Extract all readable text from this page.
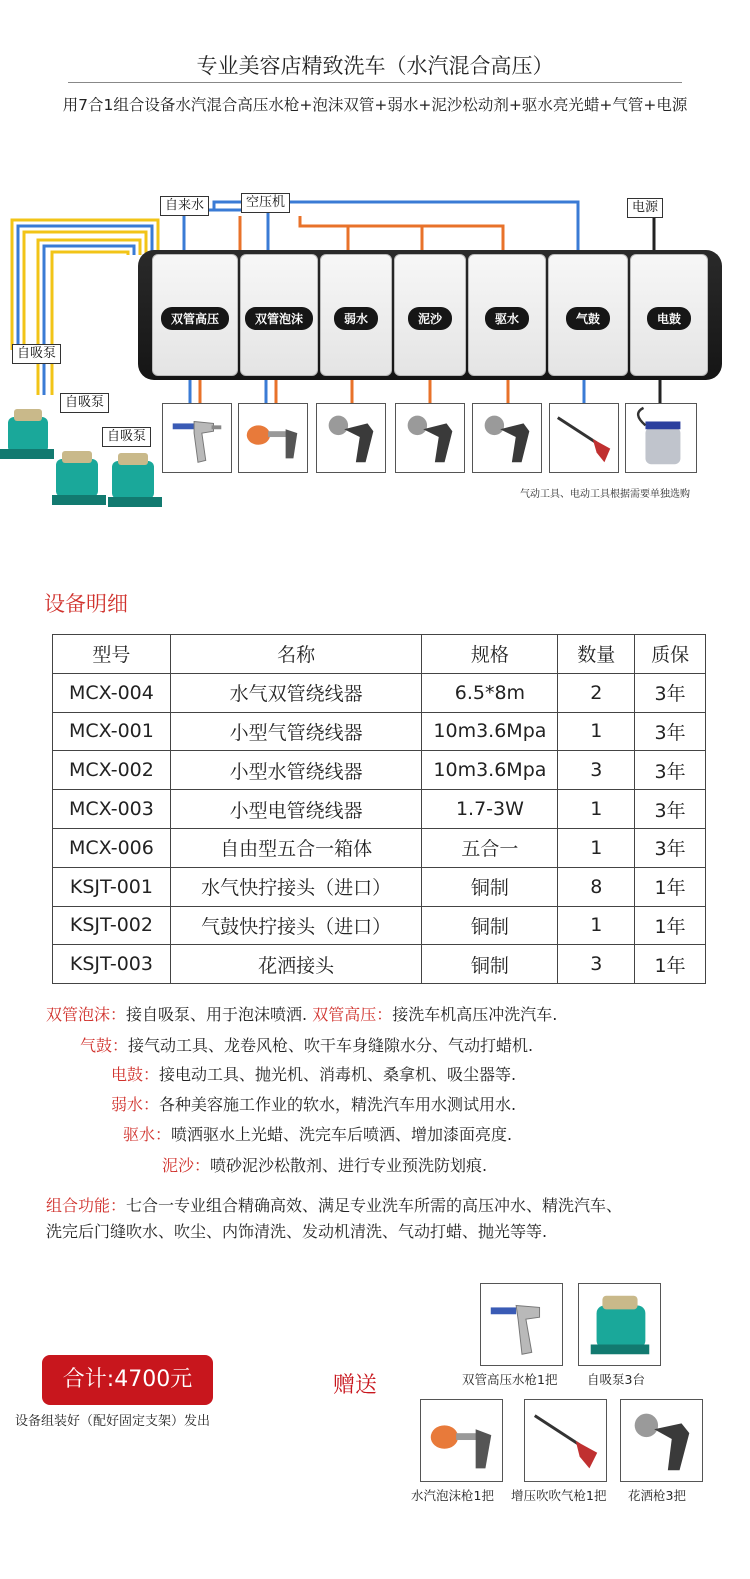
专业美容店精致洗车（水汽混合高压）
用7合1组合设备水汽混合高压水枪+泡沫双管+弱水+泥沙松动剂+驱水亮光蜡+气管+电源
自来水	空压机	电源
自吸泵
自吸泵
自吸泵
双管高压	双管泡沫	弱水	泥沙	驱水	气鼓	电鼓
气动工具、电动工具根据需要单独选购
设备明细
型号	名称	规格	数量	质保
MCX-004	水气双管绕线器	6.5*8m	2	3年
MCX-001	小型气管绕线器	10m3.6Mpa	1	3年
MCX-002	小型水管绕线器	10m3.6Mpa	3	3年
MCX-003	小型电管绕线器	1.7-3W	1	3年
MCX-006	自由型五合一箱体	五合一	1	3年
KSJT-001	水气快拧接头（进口）	铜制	8	1年
KSJT-002	气鼓快拧接头（进口）	铜制	1	1年
KSJT-003	花洒接头	铜制	3	1年
双管泡沫：接自吸泵、用于泡沫喷洒. 双管高压：接洗车机高压冲洗汽车.
气鼓：接气动工具、龙卷风枪、吹干车身缝隙水分、气动打蜡机.
电鼓：接电动工具、抛光机、消毒机、桑拿机、吸尘器等.
弱水：各种美容施工作业的软水，精洗汽车用水测试用水.
驱水：喷洒驱水上光蜡、洗完车后喷洒、增加漆面亮度.
泥沙：喷砂泥沙松散剂、进行专业预洗防划痕.
组合功能：七合一专业组合精确高效、满足专业洗车所需的高压冲水、精洗汽车、
洗完后门缝吹水、吹尘、内饰清洗、发动机清洗、气动打蜡、抛光等等.
合计:4700元
设备组装好（配好固定支架）发出
赠送	双管高压水枪1把 自吸泵3台
水汽泡沫枪1把 增压吹吹气枪1把 花洒枪3把
